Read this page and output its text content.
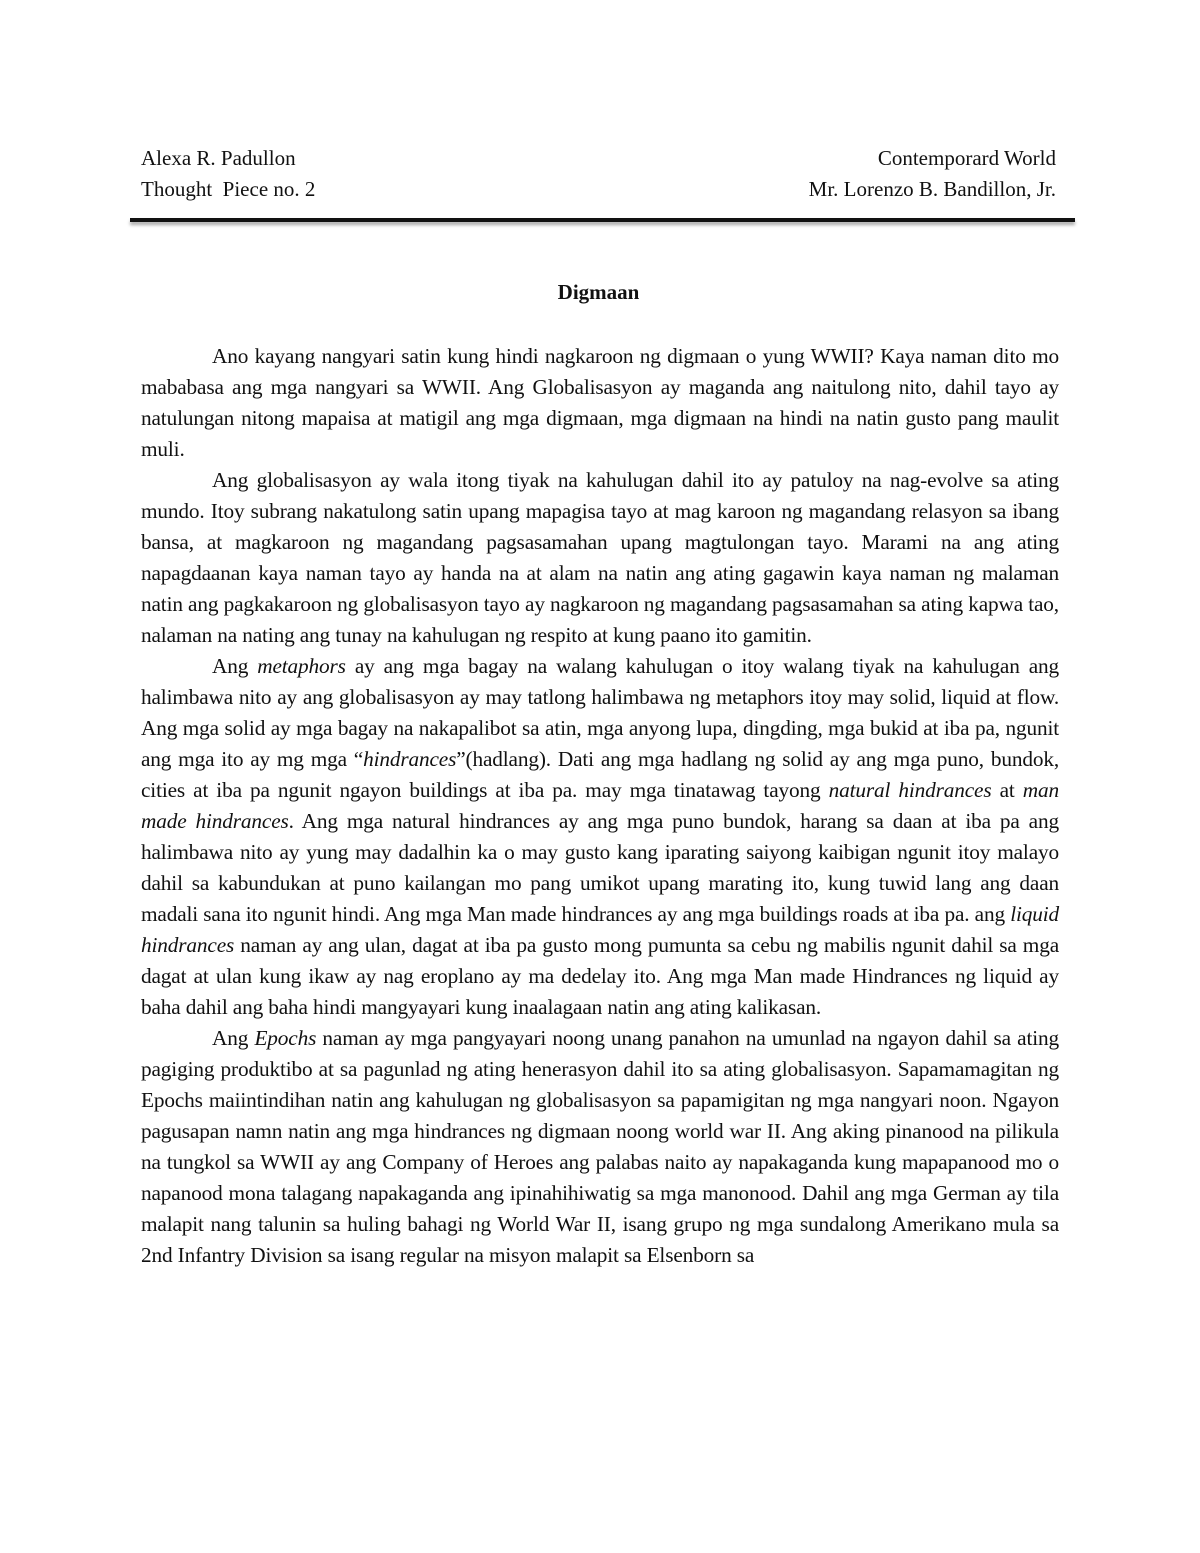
Alexa R. Padullon	Contemporard World
Thought  Piece no. 2	Mr. Lorenzo B. Bandillon, Jr.
Digmaan

Ano kayang nangyari satin kung hindi nagkaroon ng digmaan o yung WWII? Kaya naman dito mo mababasa ang mga nangyari sa WWII. Ang Globalisasyon ay maganda ang naitulong nito, dahil tayo ay natulungan nitong mapaisa at matigil ang mga digmaan, mga digmaan na hindi na natin gusto pang maulit muli.

Ang globalisasyon ay wala itong tiyak na kahulugan dahil ito ay patuloy na nag-evolve sa ating mundo. Itoy subrang nakatulong satin upang mapagisa tayo at mag karoon ng magandang relasyon sa ibang bansa, at magkaroon ng magandang pagsasamahan upang magtulongan tayo. Marami na ang ating napagdaanan kaya naman tayo ay handa na at alam na natin ang ating gagawin kaya naman ng malaman natin ang pagkakaroon ng globalisasyon tayo ay nagkaroon ng magandang pagsasamahan sa ating kapwa tao, nalaman na nating ang tunay na kahulugan ng respito at kung paano ito gamitin.

Ang metaphors ay ang mga bagay na walang kahulugan o itoy walang tiyak na kahulugan ang halimbawa nito ay ang globalisasyon ay may tatlong halimbawa ng metaphors itoy may solid, liquid at flow. Ang mga solid ay mga bagay na nakapalibot sa atin, mga anyong lupa, dingding, mga bukid at iba pa, ngunit ang mga ito ay mg mga “hindrances”(hadlang). Dati ang mga hadlang ng solid ay ang mga puno, bundok, cities at iba pa ngunit ngayon buildings at iba pa. may mga tinatawag tayong natural hindrances at man made hindrances. Ang mga natural hindrances ay ang mga puno bundok, harang sa daan at iba pa ang halimbawa nito ay yung may dadalhin ka o may gusto kang iparating saiyong kaibigan ngunit itoy malayo dahil sa kabundukan at puno kailangan mo pang umikot upang marating ito, kung tuwid lang ang daan madali sana ito ngunit hindi. Ang mga Man made hindrances ay ang mga buildings roads at iba pa. ang liquid hindrances naman ay ang ulan, dagat at iba pa gusto mong pumunta sa cebu ng mabilis ngunit dahil sa mga dagat at ulan kung ikaw ay nag eroplano ay ma dedelay ito. Ang mga Man made Hindrances ng liquid ay baha dahil ang baha hindi mangyayari kung inaalagaan natin ang ating kalikasan.

Ang Epochs naman ay mga pangyayari noong unang panahon na umunlad na ngayon dahil sa ating pagiging produktibo at sa pagunlad ng ating henerasyon dahil ito sa ating globalisasyon. Sapamamagitan ng Epochs maiintindihan natin ang kahulugan ng globalisasyon sa papamigitan ng mga nangyari noon. Ngayon pagusapan namn natin ang mga hindrances ng digmaan noong world war II. Ang aking pinanood na pilikula na tungkol sa WWII ay ang Company of Heroes ang palabas naito ay napakaganda kung mapapanood mo o napanood mona talagang napakaganda ang ipinahihiwatig sa mga manonood. Dahil ang mga German ay tila malapit nang talunin sa huling bahagi ng World War II, isang grupo ng mga sundalong Amerikano mula sa 2nd Infantry Division sa isang regular na misyon malapit sa Elsenborn sa
